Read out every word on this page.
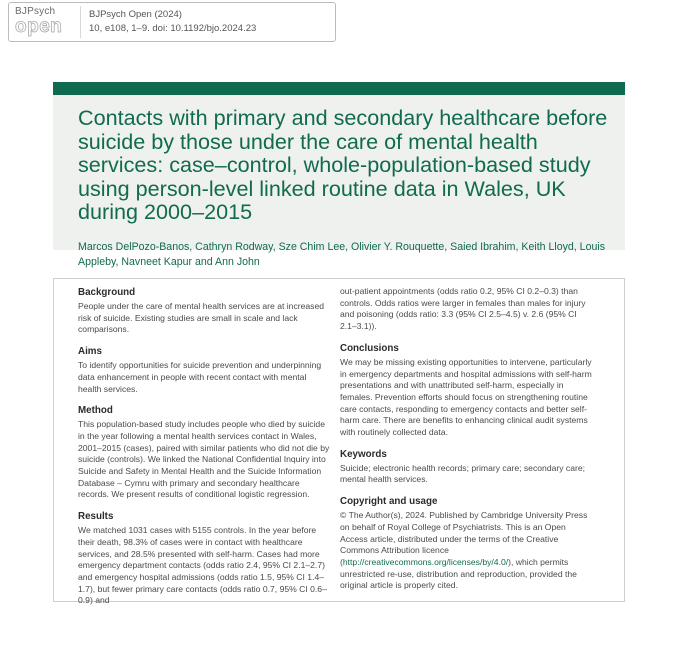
BJPsych
open
BJPsych Open (2024)
10, e108, 1–9. doi: 10.1192/bjo.2024.23
Contacts with primary and secondary healthcare before suicide by those under the care of mental health services: case–control, whole-population-based study using person-level linked routine data in Wales, UK during 2000–2015

Marcos DelPozo-Banos, Cathryn Rodway, Sze Chim Lee, Olivier Y. Rouquette, Saied Ibrahim, Keith Lloyd, Louis Appleby, Navneet Kapur and Ann John

Background

People under the care of mental health services are at increased risk of suicide. Existing studies are small in scale and lack comparisons.

Aims

To identify opportunities for suicide prevention and underpinning data enhancement in people with recent contact with mental health services.

Method

This population-based study includes people who died by suicide in the year following a mental health services contact in Wales, 2001–2015 (cases), paired with similar patients who did not die by suicide (controls). We linked the National Confidential Inquiry into Suicide and Safety in Mental Health and the Suicide Information Database – Cymru with primary and secondary healthcare records. We present results of conditional logistic regression.

Results

We matched 1031 cases with 5155 controls. In the year before their death, 98.3% of cases were in contact with healthcare services, and 28.5% presented with self-harm. Cases had more emergency department contacts (odds ratio 2.4, 95% CI 2.1–2.7) and emergency hospital admissions (odds ratio 1.5, 95% CI 1.4–1.7), but fewer primary care contacts (odds ratio 0.7, 95% CI 0.6–0.9) and

out-patient appointments (odds ratio 0.2, 95% CI 0.2–0.3) than controls. Odds ratios were larger in females than males for injury and poisoning (odds ratio: 3.3 (95% CI 2.5–4.5) v. 2.6 (95% CI 2.1–3.1)).

Conclusions

We may be missing existing opportunities to intervene, particularly in emergency departments and hospital admissions with self-harm presentations and with unattributed self-harm, especially in females. Prevention efforts should focus on strengthening routine care contacts, responding to emergency contacts and better self-harm care. There are benefits to enhancing clinical audit systems with routinely collected data.

Keywords

Suicide; electronic health records; primary care; secondary care; mental health services.

Copyright and usage

© The Author(s), 2024. Published by Cambridge University Press on behalf of Royal College of Psychiatrists. This is an Open Access article, distributed under the terms of the Creative Commons Attribution licence (http://creativecommons.org/licenses/by/4.0/), which permits unrestricted re-use, distribution and reproduction, provided the original article is properly cited.
